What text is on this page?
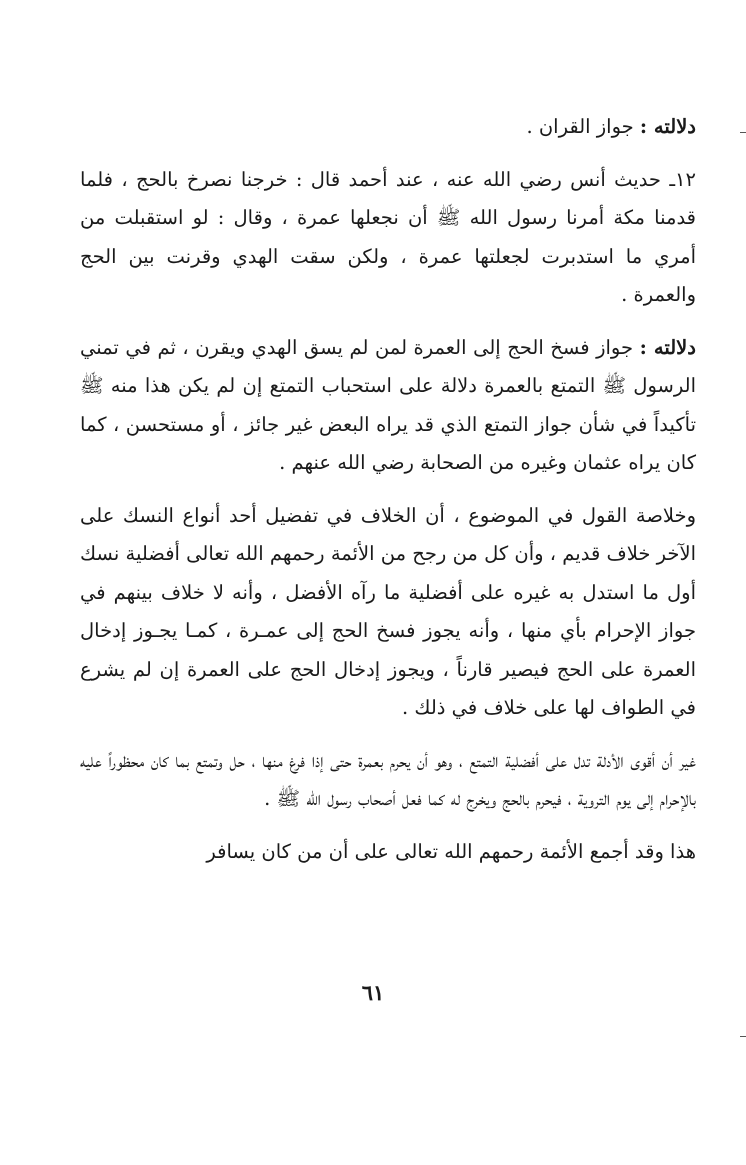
دلالته : جواز القران .

١٢ـ حديث أنس رضي الله عنه ، عند أحمد قال : خرجنا نصرخ بالحج ، فلما قدمنا مكة أمرنا رسول الله ﷺ أن نجعلها عمرة ، وقال : لو استقبلت من أمري ما استدبرت لجعلتها عمرة ، ولكن سقت الهدي وقرنت بين الحج والعمرة .

دلالته : جواز فسخ الحج إلى العمرة لمن لم يسق الهدي ويقرن ، ثم في تمني الرسول ﷺ التمتع بالعمرة دلالة على استحباب التمتع إن لم يكن هذا منه ﷺ تأكيداً في شأن جواز التمتع الذي قد يراه البعض غير جائز ، أو مستحسن ، كما كان يراه عثمان وغيره من الصحابة رضي الله عنهم .

وخلاصة القول في الموضوع ، أن الخلاف في تفضيل أحد أنواع النسك على الآخر خلاف قديم ، وأن كل من رجح من الأئمة رحمهم الله تعالى أفضلية نسك أول ما استدل به غيره على أفضلية ما رآه الأفضل ، وأنه لا خلاف بينهم في جواز الإحرام بأي منها ، وأنه يجوز فسخ الحج إلى عمـرة ، كمـا يجـوز إدخال العمرة على الحج فيصير قارناً ، ويجوز إدخال الحج على العمرة إن لم يشرع في الطواف لها على خلاف في ذلك .

غير أن أقوى الأدلة تدل على أفضلية التمتع ، وهو أن يحرم بعمرة حتى إذا فرغ منها ، حل وتمتع بما كان محظوراً عليه بالإحرام إلى يوم التروية ، فيحرم بالحج ويخرج له كما فعل أصحاب رسول الله ﷺ .

هذا وقد أجمع الأئمة رحمهم الله تعالى على أن من كان يسافر

٦١
